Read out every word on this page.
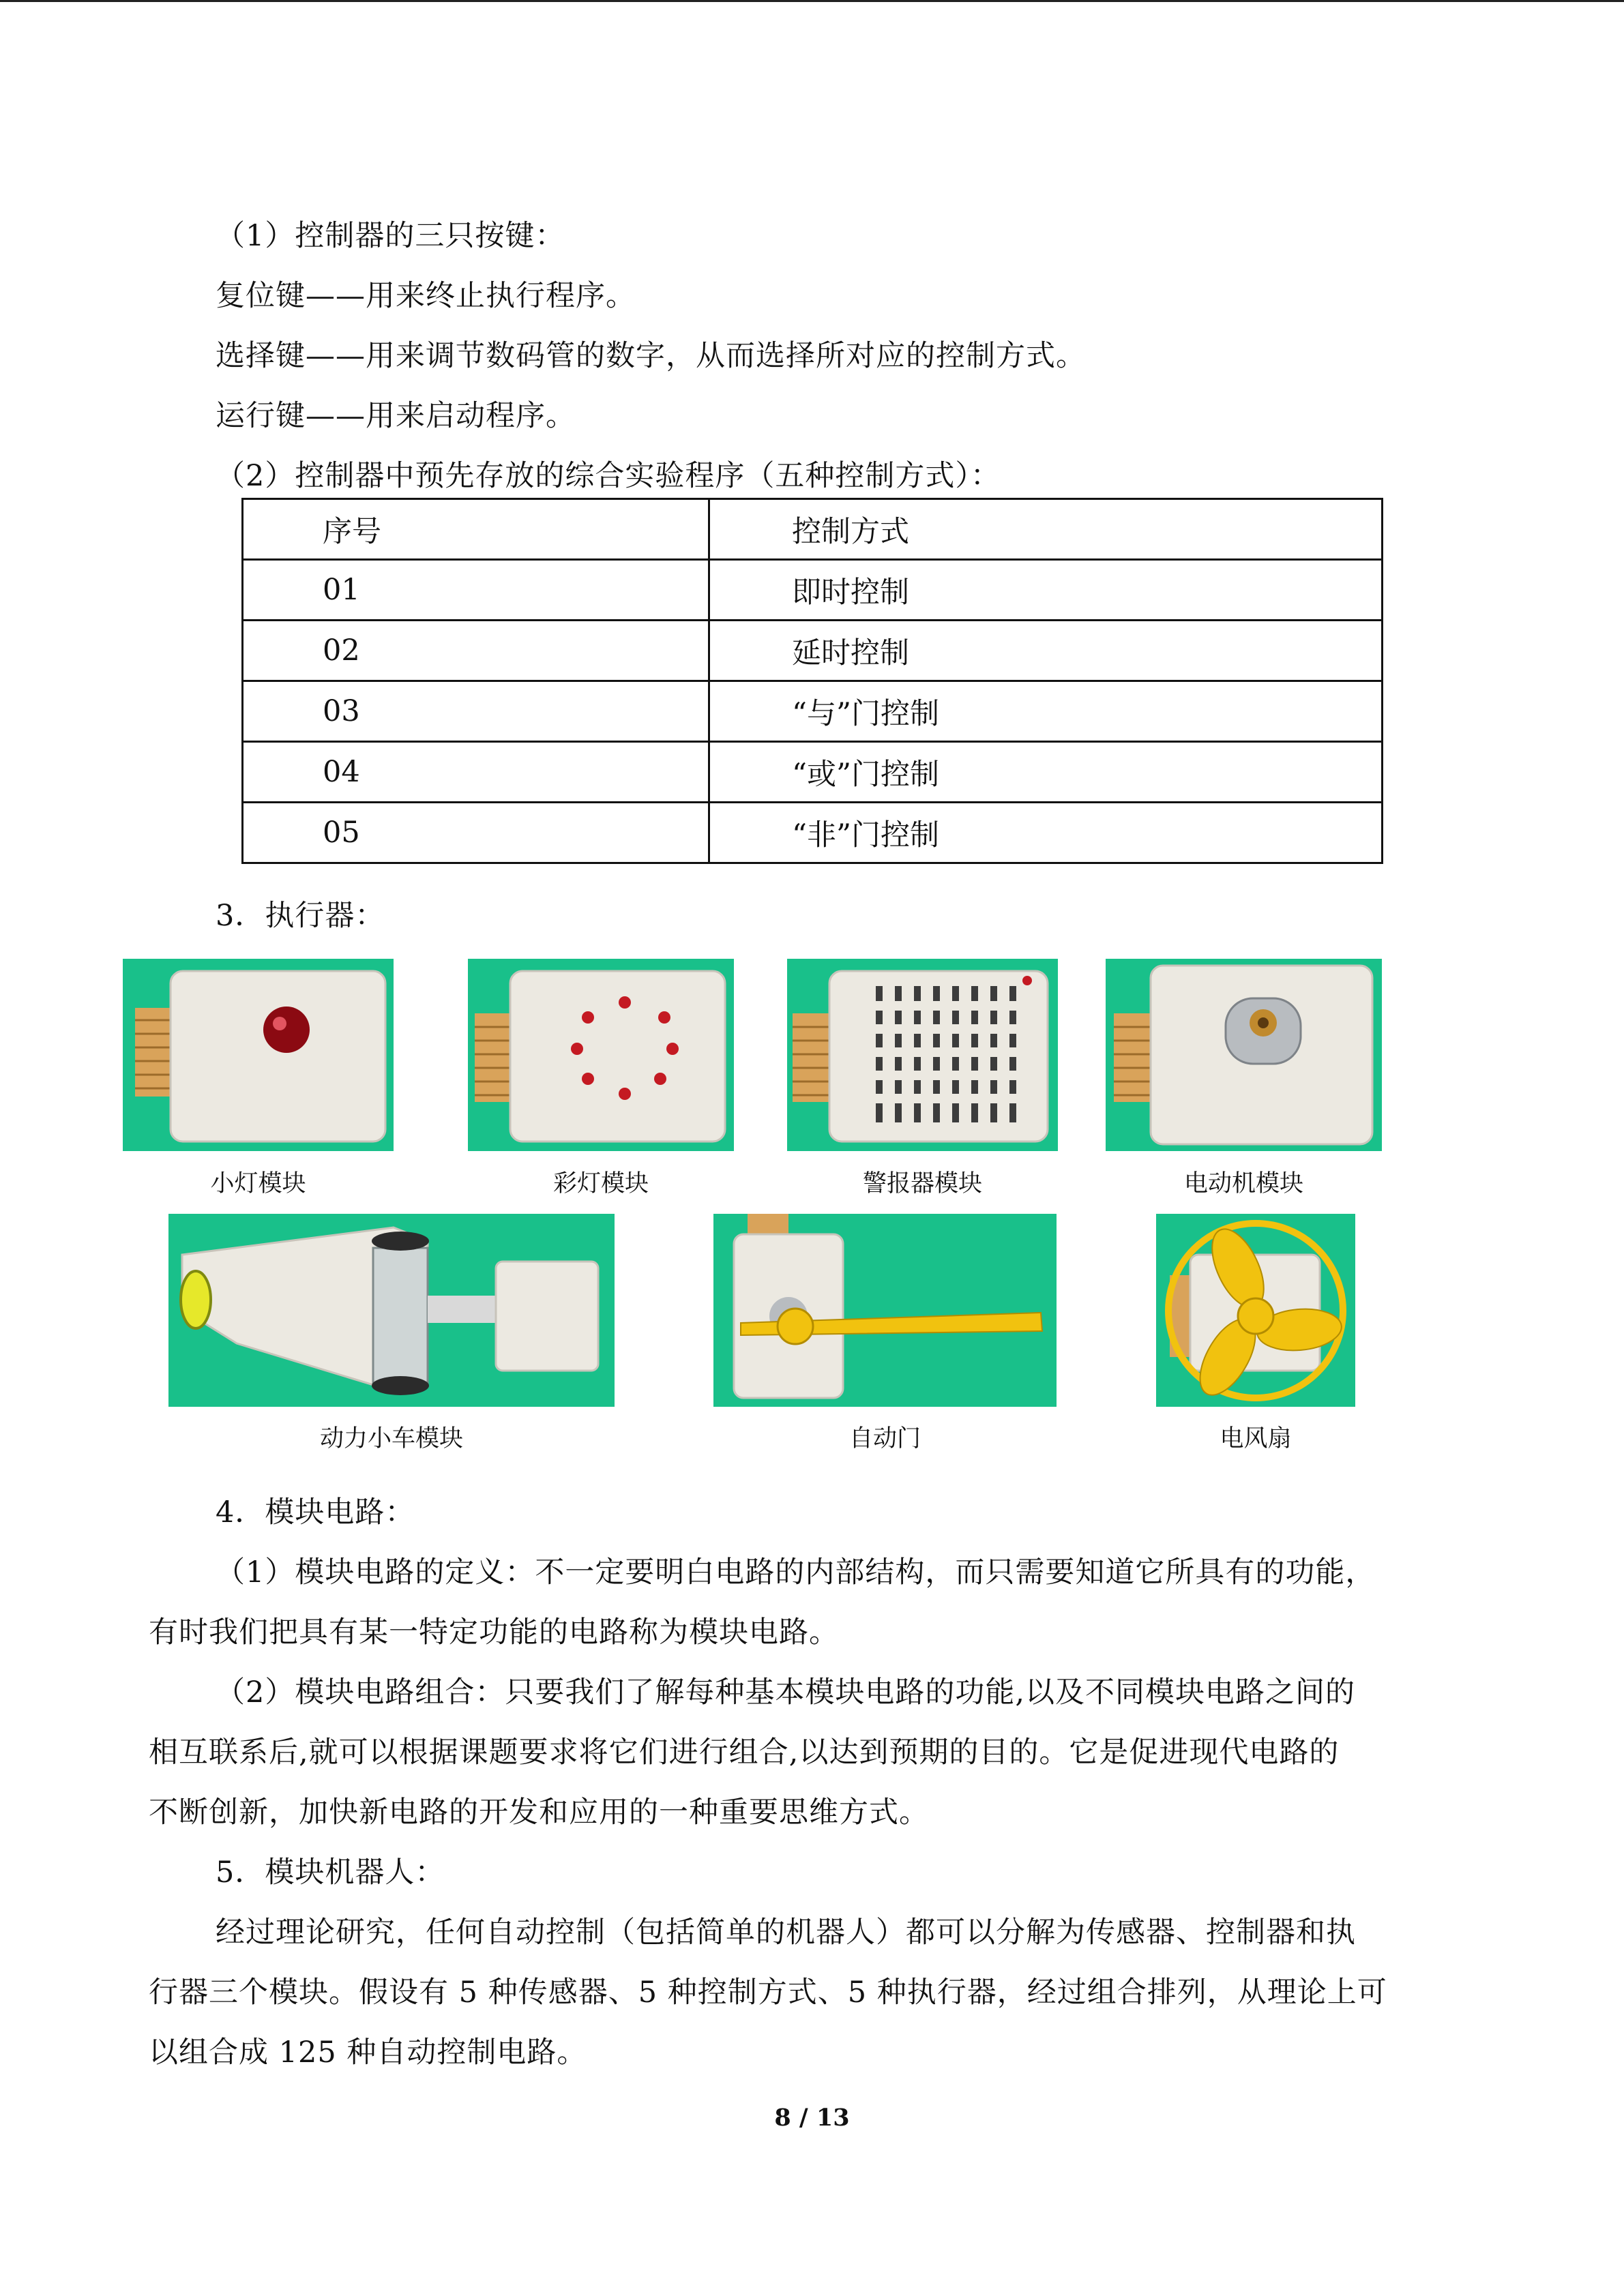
（1）控制器的三只按键：
复位键——用来终止执行程序。
选择键——用来调节数码管的数字，从而选择所对应的控制方式。
运行键——用来启动程序。
（2）控制器中预先存放的综合实验程序（五种控制方式）：
序号	控制方式
01	即时控制
02	延时控制
03	“与”门控制
04	“或”门控制
05	“非”门控制
3．执行器：
小灯模块	彩灯模块	警报器模块	电动机模块
动力小车模块	自动门	电风扇
4．模块电路：
（1）模块电路的定义：不一定要明白电路的内部结构，而只需要知道它所具有的功能，
有时我们把具有某一特定功能的电路称为模块电路。
（2）模块电路组合：只要我们了解每种基本模块电路的功能,以及不同模块电路之间的
相互联系后,就可以根据课题要求将它们进行组合,以达到预期的目的。它是促进现代电路的
不断创新，加快新电路的开发和应用的一种重要思维方式。
5．模块机器人：
经过理论研究，任何自动控制（包括简单的机器人）都可以分解为传感器、控制器和执
行器三个模块。假设有 5 种传感器、5 种控制方式、5 种执行器，经过组合排列，从理论上可
以组合成 125 种自动控制电路。
8 / 13
